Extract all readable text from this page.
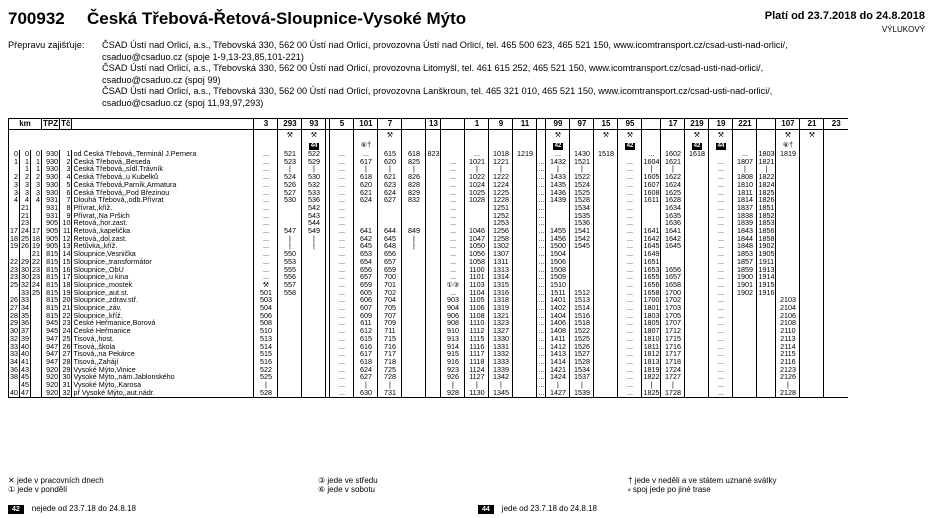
700932 Česká Třebová-Řetová-Sloupnice-Vysoké Mýto	Platí od 23.7.2018 do 24.8.2018
VÝLUKOVÝ
Přepravu zajišťuje:	ČSAD Ústí nad Orlicí, a.s., Třebovská 330, 562 00 Ústí nad Orlicí, provozovna Ústí nad Orlicí, tel. 465 500 623, 465 521 150, www.icomtransport.cz/csad-usti-nad-orlici/,
csaduo@csaduo.cz (spoje 1-9,13-23,85,101-221)
ČSAD Ústí nad Orlicí, a.s., Třebovská 330, 562 00 Ústí nad Orlicí, provozovna Litomyšl, tel. 461 615 252, 465 521 150, www.icomtransport.cz/csad-usti-nad-orlici/,
csaduo@csaduo.cz (spoj 99)
ČSAD Ústí nad Orlicí, a.s., Třebovská 330, 562 00 Ústí nad Orlicí, provozovna Lanškroun, tel. 465 321 010, 465 521 150, www.icomtransport.cz/csad-usti-nad-orlici/,
csaduo@csaduo.cz (spoj 11,93,97,293)
km			TPZ	Tč		3	293	93		5	101	7		13		1	9	11		99	97	15	95		17	219	19	221		107	21	23
							⚒	⚒				⚒								⚒		⚒	⚒			⚒	⚒			⚒	⚒	
								44			⑥†									42			42			42	44			⑥†		
0	0	0	930	1	od Česká Třebová,,Terminál J.Pernera	...	521	522		...	...	615	618	823		...	1018	1219		...	1430	1518		...	1602	1618		...	1803	1819		
1	1	1	930	2	Česká Třebová,,Beseda	...	523	529		...	617	620	825		...	1021	1221		...	1432	1521		...	1604	1621		...	1807	1821			
	1	1	930	3	Česká Třebová,,sídl.Trávník	...	|	|		...	|	|	|		...	|	|		...	|	|		...	|	|		...	|	|			
2	2	2	930	4	Česká Třebová,,u Kubelků	...	524	530		...	618	621	826		...	1022	1222		...	1433	1522		...	1605	1622		...	1808	1822			
3	3	3	930	5	Česká Třebová,Parník,Armatura	...	526	532		...	620	623	828		...	1024	1224		...	1435	1524		...	1607	1624		...	1810	1824			
3	3	3	930	6	Česká Třebová,,Pod Březinou	...	527	533		...	621	624	829		...	1025	1225		...	1436	1525		...	1608	1625		...	1811	1825			
4	4	4	931	7	Dlouhá Třebová,,odb.Přívrat	...	530	536		...	624	627	832		...	1028	1228		...	1439	1528		...	1611	1628		...	1814	1826			
	21		931	8	Přívrat,,kříž.	...		542		...					...		1251		...		1534		...		1634		...	1837	1851			
	21		931	9	Přívrat,,Na Pršich	...		543		...					...		1252		...		1535		...		1635		...	1838	1852			
	23		905	10	Řetová,,hor.zast.	...		544		...					...		1253		...		1536		...		1636		...	1839	1853			
17	24	17	905	11	Řetová,,kapelička	...	547	549		...	641	644	849		...	1046	1256		...	1455	1541		...	1641	1641		...	1843	1856			
18	25	18	905	12	Řetová,,dol.zast.	...	|	|		...	642	645	|		...	1047	1258		...	1456	1542		...	1642	1642		...	1844	1858			
19	26	19	905	13	Řetůvka,,kříž.	...	|	|		...	645	648	|		...	1050	1302		...	1500	1545		...	1645	1645		...	1848	1902			
		21	815	14	Sloupnice,Vesnička	...	550			...	653	656			...	1056	1307		...	1504			...	1649			...	1853	1905			
22	29	22	815	15	Sloupnice,,transformátor	...	553			...	654	657			...	1058	1311		...	1506			...	1651			...	1857	1911			
23	30	23	815	16	Sloupnice,,ObÚ	...	555			...	656	659			...	1100	1313		...	1508			...	1653	1656		...	1859	1913			
23	30	23	815	17	Sloupnice,,u kina	...	556			...	657	700			...	1101	1314		...	1509			...	1655	1657		...	1900	1914			
25	32	24	815	18	Sloupnice,,mostek	⚒	557			...	659	701			①③	1103	1315		...	1510			...	1656	1658		...	1901	1915			
	33	25	815	19	Sloupnice,,aut.st.	501	558			...	605	702			...	1104	1316		...	1511	1512		...	1658	1700		...	1902	1916			
26	33		815	20	Sloupnice,,zdrav.stř.	503				...	606	704			903	1105	1318		...	1401	1513		...	1700	1702		...			2103		
27	34		815	21	Sloupnice,,záv.	504				...	607	705			904	1106	1319		...	1402	1514		...	1801	1703		...			2104		
28	35		815	22	Sloupnice,,kříž.	506				...	609	707			906	1108	1321		...	1404	1516		...	1803	1705		...			2106		
29	36		945	23	České Heřmanice,Borová	508				...	611	709			908	1110	1323		...	1406	1518		...	1805	1707		...			2108		
30	37		945	24	České Heřmanice	510				...	612	711			910	1112	1327		...	1408	1522		...	1807	1712		...			2110		
32	39		947	25	Tisová,,host.	513				...	615	715			913	1115	1330		...	1411	1525		...	1810	1715		...			2113		
33	40		947	26	Tisová,,škola	514				...	616	716			914	1116	1331		...	1412	1526		...	1811	1716		...			2114		
33	40		947	27	Tisová,,na Pekárce	515				...	617	717			915	1117	1332		...	1413	1527		...	1812	1717		...			2115		
34	41		947	28	Tisová,,Zahájí	516				...	618	718			916	1118	1333		...	1414	1528		...	1813	1718		...			2116		
36	43		920	29	Vysoké Mýto,Vinice	522				...	624	725			923	1124	1339		...	1421	1534		...	1819	1724		...			2123		
38	45		920	30	Vysoké Mýto,,nám.Jablonského	525				...	627	728			926	1127	1342		...	1424	1537		...	1822	1727		...			2126		
	45		920	31	Vysoké Mýto,,Karosa	|				...	|	|			|	|	|		...	|	|		...	|	|		...			|		
40	47		920	32	př Vysoké Mýto,,aut.nádr.	528				...	630	731			928	1130	1345		...	1427	1539		...	1825	1728		...			2128		
✕ jede v pracovních dnech
① jede v pondělí
③ jede ve středu
⑥ jede v sobotu
† jede v neděli a ve státem uznané svátky
⸗ spoj jede po jiné trase
42 nejede od 23.7.18 do 24.8.18	44 jede od 23.7.18 do 24.8.18
